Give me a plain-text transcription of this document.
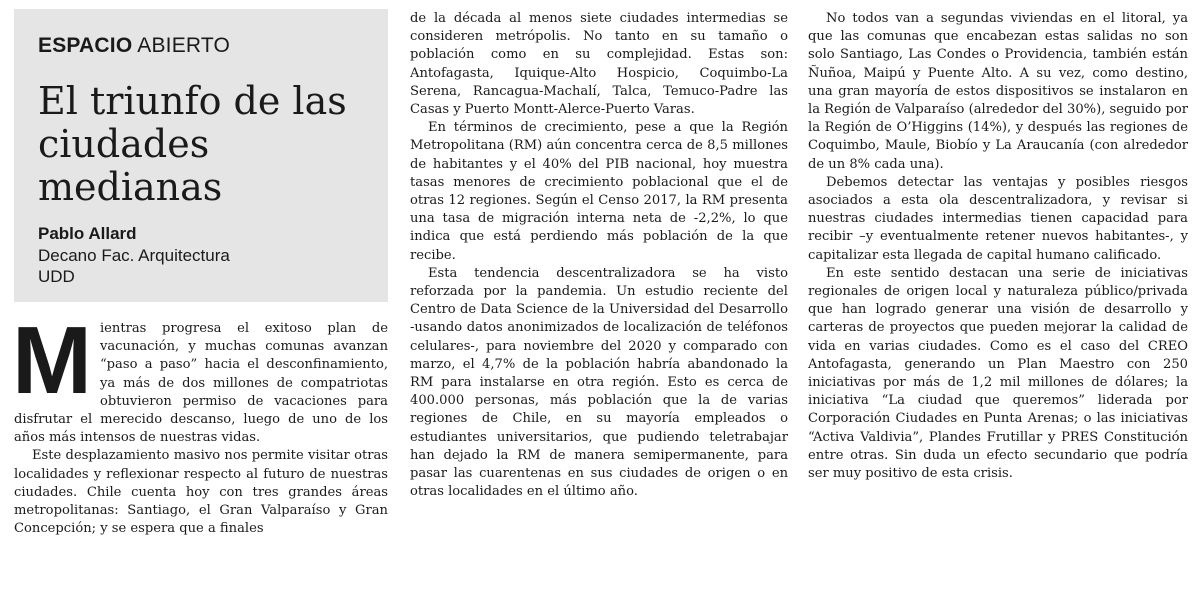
ESPACIO ABIERTO
El triunfo de las ciudades medianas
Pablo Allard
Decano Fac. Arquitectura UDD

Mientras progresa el exitoso plan de vacunación, y muchas comunas avanzan “paso a paso” hacia el desconfinamiento, ya más de dos millones de compatriotas obtuvieron permiso de vacaciones para disfrutar el merecido descanso, luego de uno de los años más intensos de nuestras vidas.

Este desplazamiento masivo nos permite visitar otras localidades y reflexionar respecto al futuro de nuestras ciudades. Chile cuenta hoy con tres grandes áreas metropolitanas: Santiago, el Gran Valparaíso y Gran Concepción; y se espera que a finales

de la década al menos siete ciudades intermedias se consideren metrópolis. No tanto en su tamaño o población como en su complejidad. Estas son: Antofagasta, Iquique-Alto Hospicio, Coquimbo-La Serena, Rancagua-Machalí, Talca, Temuco-Padre las Casas y Puerto Montt-Alerce-Puerto Varas.

En términos de crecimiento, pese a que la Región Metropolitana (RM) aún concentra cerca de 8,5 millones de habitantes y el 40% del PIB nacional, hoy muestra tasas menores de crecimiento poblacional que el de otras 12 regiones. Según el Censo 2017, la RM presenta una tasa de migración interna neta de -2,2%, lo que indica que está perdiendo más población de la que recibe.

Esta tendencia descentralizadora se ha visto reforzada por la pandemia. Un estudio reciente del Centro de Data Science de la Universidad del Desarrollo -usando datos anonimizados de localización de teléfonos celulares-, para noviembre del 2020 y comparado con marzo, el 4,7% de la población habría abandonado la RM para instalarse en otra región. Esto es cerca de 400.000 personas, más población que la de varias regiones de Chile, en su mayoría empleados o estudiantes universitarios, que pudiendo teletrabajar han dejado la RM de manera semipermanente, para pasar las cuarentenas en sus ciudades de origen o en otras localidades en el último año.

No todos van a segundas viviendas en el litoral, ya que las comunas que encabezan estas salidas no son solo Santiago, Las Condes o Providencia, también están Ñuñoa, Maipú y Puente Alto. A su vez, como destino, una gran mayoría de estos dispositivos se instalaron en la Región de Valparaíso (alrededor del 30%), seguido por la Región de O’Higgins (14%), y después las regiones de Coquimbo, Maule, Biobío y La Araucanía (con alrededor de un 8% cada una).

Debemos detectar las ventajas y posibles riesgos asociados a esta ola descentralizadora, y revisar si nuestras ciudades intermedias tienen capacidad para recibir –y eventualmente retener nuevos habitantes-, y capitalizar esta llegada de capital humano calificado.

En este sentido destacan una serie de iniciativas regionales de origen local y naturaleza público/privada que han logrado generar una visión de desarrollo y carteras de proyectos que pueden mejorar la calidad de vida en varias ciudades. Como es el caso del CREO Antofagasta, generando un Plan Maestro con 250 iniciativas por más de 1,2 mil millones de dólares; la iniciativa “La ciudad que queremos” liderada por Corporación Ciudades en Punta Arenas; o las iniciativas “Activa Valdivia”, Plandes Frutillar y PRES Constitución entre otras. Sin duda un efecto secundario que podría ser muy positivo de esta crisis.
